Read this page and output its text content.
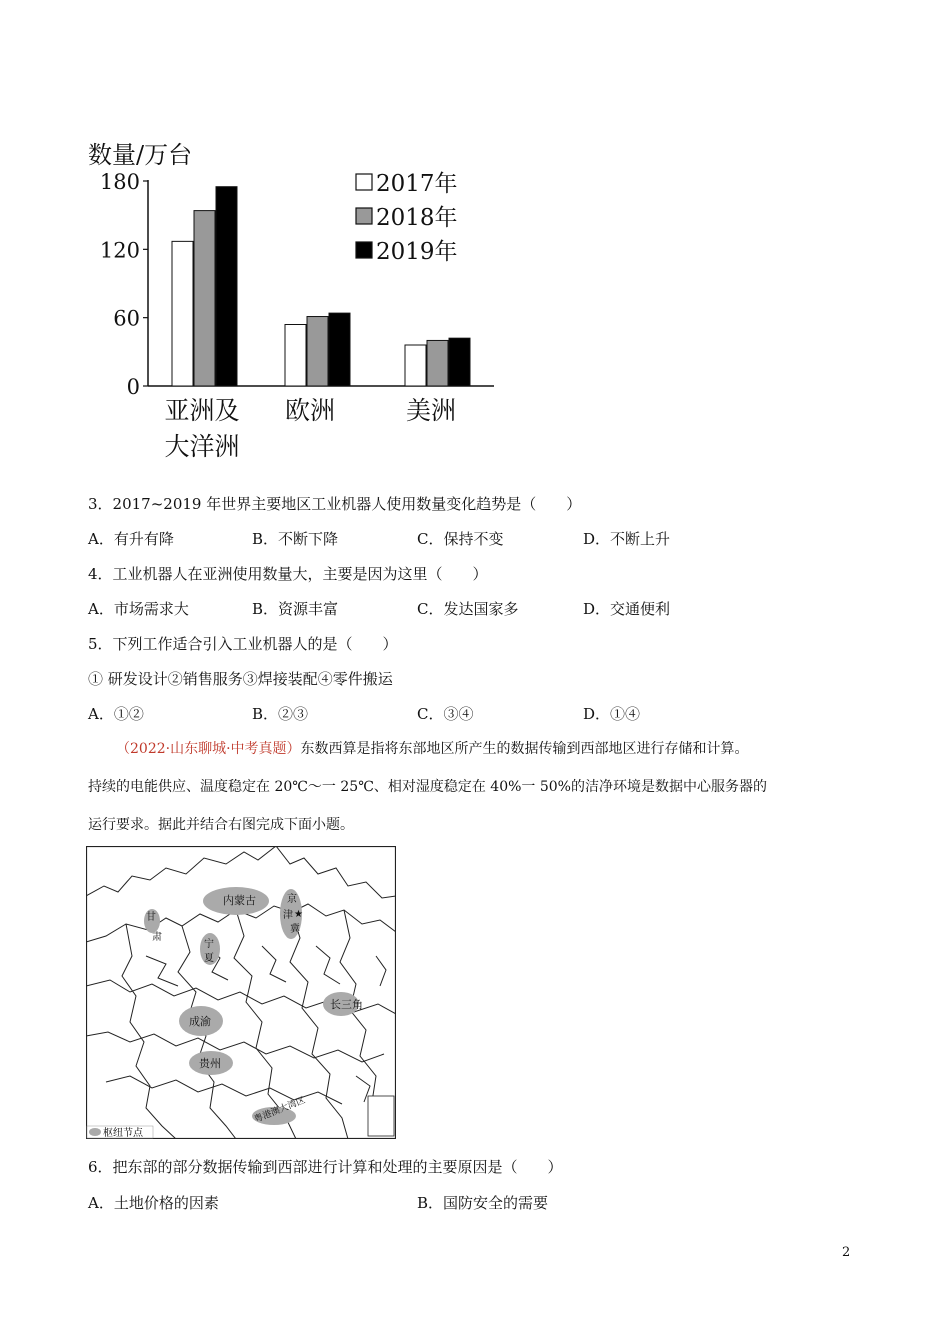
数量/万台
0
60
120
180
亚洲及
大洋洲
欧洲	美洲
2017年
2018年
2019年
3．2017~2019 年世界主要地区工业机器人使用数量变化趋势是（　　）
A．有升有降	B．不断下降	C．保持不变	D．不断上升
4．工业机器人在亚洲使用数量大，主要是因为这里（　　）
A．市场需求大	B．资源丰富	C．发达国家多	D．交通便利
5．下列工作适合引入工业机器人的是（　　）
① 研发设计②销售服务③焊接装配④零件搬运
A．①②	B．②③	C．③④	D．①④
（2022·山东聊城·中考真题）东数西算是指将东部地区所产生的数据传输到西部地区进行存储和计算。
持续的电能供应、温度稳定在 20℃～一 25℃、相对湿度稳定在 40%一 50%的洁净环境是数据中心服务器的
运行要求。据此并结合右图完成下面小题。
内蒙古
甘
肃
宁
夏
京
津 ★
冀
长三角
成渝
贵州
粤港澳大湾区
枢纽节点
6．把东部的部分数据传输到西部进行计算和处理的主要原因是（　　）
A．土地价格的因素	B．国防安全的需要
2
